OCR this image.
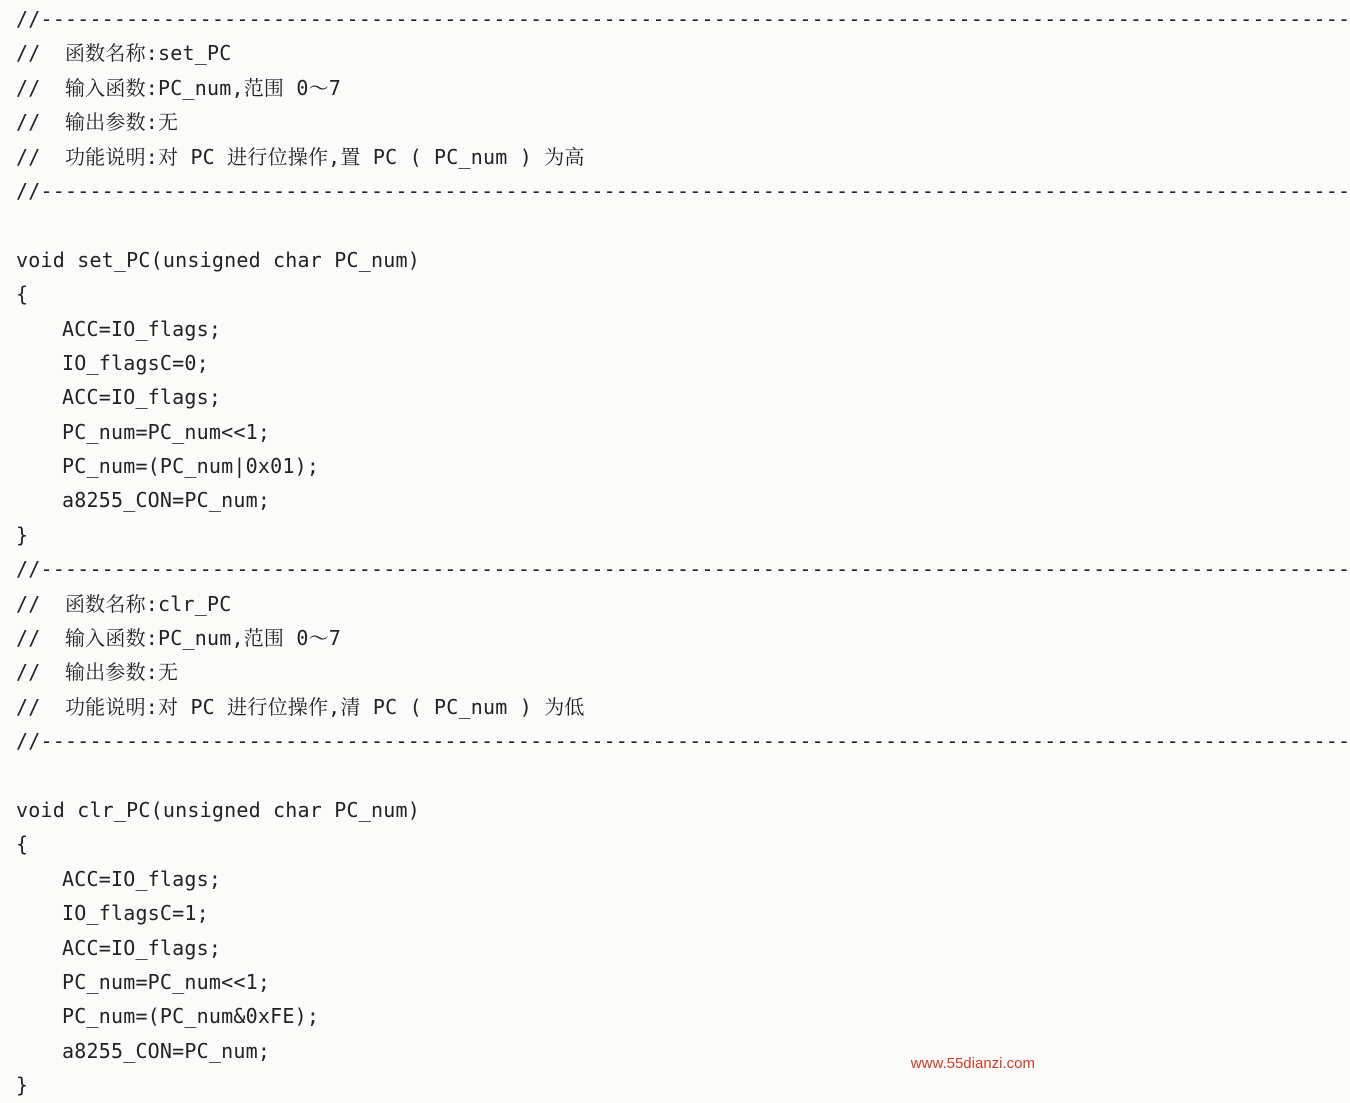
//-----------------------------------------------------------------------------------------------------------
//  函数名称:set_PC
//  输入函数:PC_num,范围 0～7
//  输出参数:无
//  功能说明:对 PC 进行位操作,置 PC ( PC_num ) 为高
//-----------------------------------------------------------------------------------------------------------
void set_PC(unsigned char PC_num)
{
ACC=IO_flags;
IO_flagsC=0;
ACC=IO_flags;
PC_num=PC_num<<1;
PC_num=(PC_num|0x01);
a8255_CON=PC_num;
}
//-----------------------------------------------------------------------------------------------------------
//  函数名称:clr_PC
//  输入函数:PC_num,范围 0～7
//  输出参数:无
//  功能说明:对 PC 进行位操作,清 PC ( PC_num ) 为低
//-----------------------------------------------------------------------------------------------------------
void clr_PC(unsigned char PC_num)
{
ACC=IO_flags;
IO_flagsC=1;
ACC=IO_flags;
PC_num=PC_num<<1;
PC_num=(PC_num&0xFE);
a8255_CON=PC_num;
}
www.55dianzi.com
